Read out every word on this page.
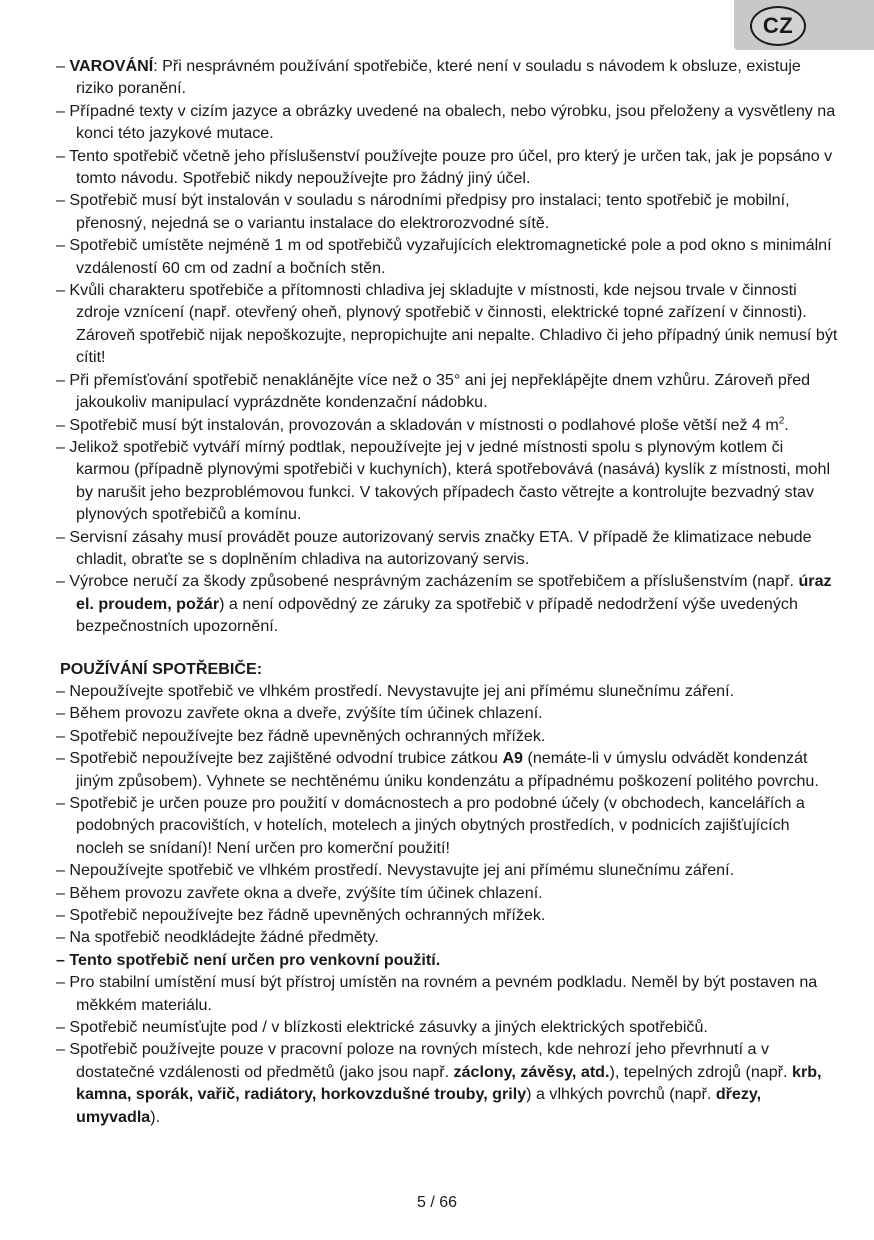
CZ

– VAROVÁNÍ: Při nesprávném používání spotřebiče, které není v souladu s návodem k obsluze, existuje riziko poranění.

– Případné texty v cizím jazyce a obrázky uvedené na obalech, nebo výrobku, jsou přeloženy a vysvětleny na konci této jazykové mutace.

– Tento spotřebič včetně jeho příslušenství používejte pouze pro účel, pro který je určen tak, jak je popsáno v tomto návodu. Spotřebič nikdy nepoužívejte pro žádný jiný účel.

– Spotřebič musí být instalován v souladu s národními předpisy pro instalaci; tento spotřebič je mobilní, přenosný, nejedná se o variantu instalace do elektrorozvodné sítě.

– Spotřebič umístěte nejméně 1 m od spotřebičů vyzařujících elektromagnetické pole a pod okno s minimální vzdáleností 60 cm od zadní a bočních stěn.

– Kvůli charakteru spotřebiče a přítomnosti chladiva jej skladujte v místnosti, kde nejsou trvale v činnosti zdroje vznícení (např. otevřený oheň, plynový spotřebič v činnosti, elektrické topné zařízení v činnosti). Zároveň spotřebič nijak nepoškozujte, nepropichujte ani nepalte. Chladivo či jeho případný únik nemusí být cítit!

– Při přemísťování spotřebič nenaklánějte více než o 35° ani jej nepřeklápějte dnem vzhůru. Zároveň před jakoukoliv manipulací vyprázdněte kondenzační nádobku.

– Spotřebič musí být instalován, provozován a skladován v místnosti o podlahové ploše větší než 4 $m^2$.

– Jelikož spotřebič vytváří mírný podtlak, nepoužívejte jej v jedné místnosti spolu s plynovým kotlem či karmou (případně plynovými spotřebiči v kuchyních), která spotřebovává (nasává) kyslík z místnosti, mohl by narušit jeho bezproblémovou funkci. V takových případech často větrejte a kontrolujte bezvadný stav plynových spotřebičů a komínu.

– Servisní zásahy musí provádět pouze autorizovaný servis značky ETA. V případě že klimatizace nebude chladit, obraťte se s doplněním chladiva na autorizovaný servis.

– Výrobce neručí za škody způsobené nesprávným zacházením se spotřebičem a příslušenstvím (např. úraz el. proudem, požár) a není odpovědný ze záruky za spotřebič v případě nedodržení výše uvedených bezpečnostních upozornění.

POUŽÍVÁNÍ SPOTŘEBIČE:

– Nepoužívejte spotřebič ve vlhkém prostředí. Nevystavujte jej ani přímému slunečnímu záření.

– Během provozu zavřete okna a dveře, zvýšíte tím účinek chlazení.

– Spotřebič nepoužívejte bez řádně upevněných ochranných mřížek.

– Spotřebič nepoužívejte bez zajištěné odvodní trubice zátkou A9 (nemáte-li v úmyslu odvádět kondenzát jiným způsobem). Vyhnete se nechtěnému úniku kondenzátu a případnému poškození politého povrchu.

– Spotřebič je určen pouze pro použití v domácnostech a pro podobné účely (v obchodech, kancelářích a podobných pracovištích, v hotelích, motelech a jiných obytných prostředích, v podnicích zajišťujících nocleh se snídaní)! Není určen pro komerční použití!

– Nepoužívejte spotřebič ve vlhkém prostředí. Nevystavujte jej ani přímému slunečnímu záření.

– Během provozu zavřete okna a dveře, zvýšíte tím účinek chlazení.

– Spotřebič nepoužívejte bez řádně upevněných ochranných mřížek.

– Na spotřebič neodkládejte žádné předměty.

– Tento spotřebič není určen pro venkovní použití.

– Pro stabilní umístění musí být přístroj umístěn na rovném a pevném podkladu. Neměl by být postaven na měkkém materiálu.

– Spotřebič neumísťujte pod / v blízkosti elektrické zásuvky a jiných elektrických spotřebičů.

– Spotřebič používejte pouze v pracovní poloze na rovných místech, kde nehrozí jeho převrhnutí a v dostatečné vzdálenosti od předmětů (jako jsou např. záclony, závěsy, atd.), tepelných zdrojů (např. krb, kamna, sporák, vařič, radiátory, horkovzdušné trouby, grily) a vlhkých povrchů (např. dřezy, umyvadla).

5 / 66
